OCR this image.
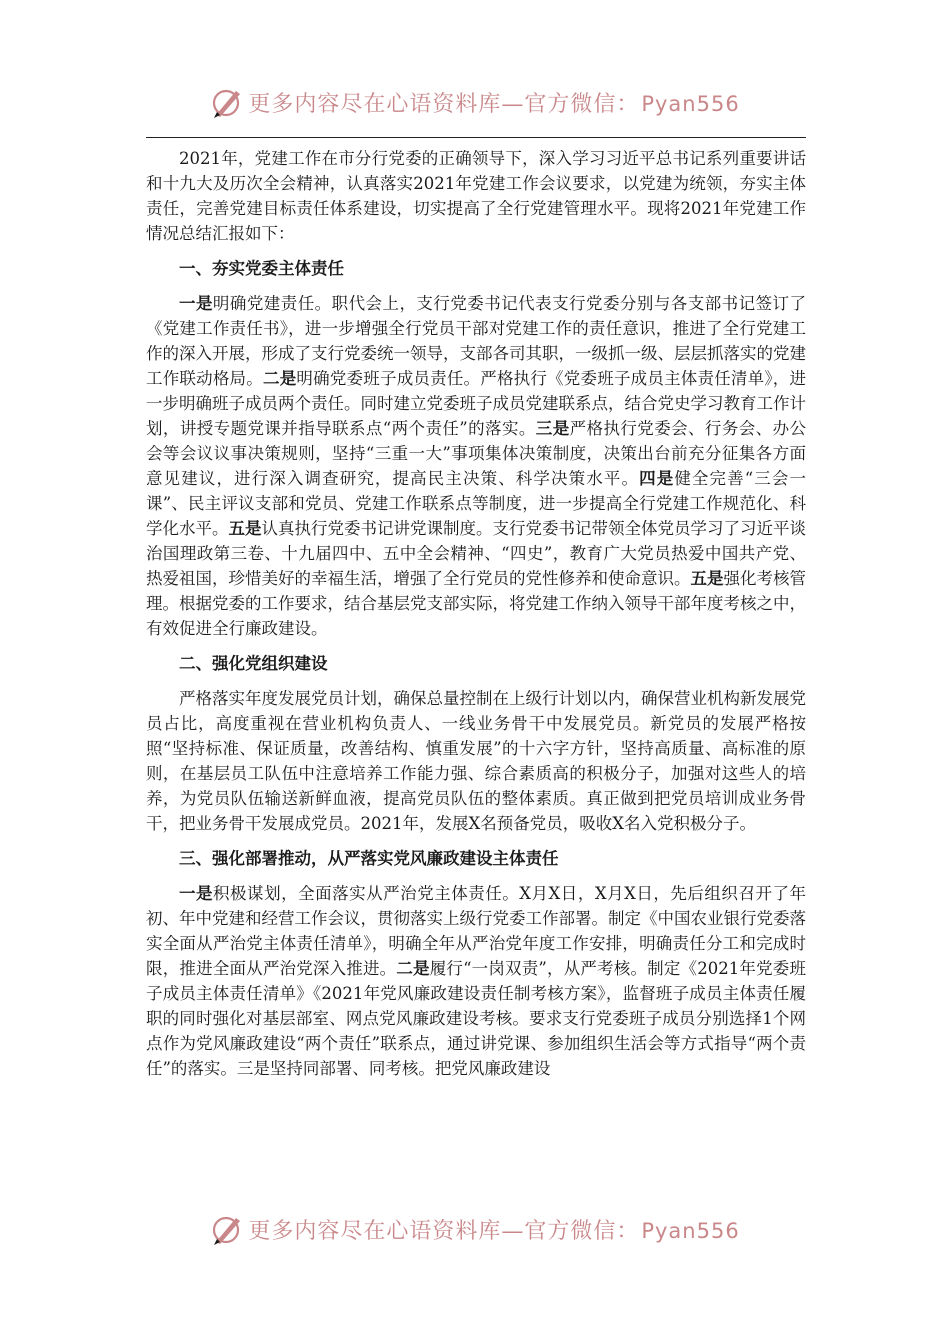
更多内容尽在心语资料库—官方微信：Pyan556

2021年，党建工作在市分行党委的正确领导下，深入学习习近平总书记系列重要讲话和十九大及历次全会精神，认真落实2021年党建工作会议要求，以党建为统领，夯实主体责任，完善党建目标责任体系建设，切实提高了全行党建管理水平。现将2021年党建工作情况总结汇报如下：

一、夯实党委主体责任

一是明确党建责任。职代会上，支行党委书记代表支行党委分别与各支部书记签订了《党建工作责任书》，进一步增强全行党员干部对党建工作的责任意识，推进了全行党建工作的深入开展，形成了支行党委统一领导，支部各司其职，一级抓一级、层层抓落实的党建工作联动格局。二是明确党委班子成员责任。严格执行《党委班子成员主体责任清单》，进一步明确班子成员两个责任。同时建立党委班子成员党建联系点，结合党史学习教育工作计划，讲授专题党课并指导联系点“两个责任”的落实。三是严格执行党委会、行务会、办公会等会议议事决策规则，坚持“三重一大”事项集体决策制度，决策出台前充分征集各方面意见建议，进行深入调查研究，提高民主决策、科学决策水平。四是健全完善“三会一课”、民主评议支部和党员、党建工作联系点等制度，进一步提高全行党建工作规范化、科学化水平。五是认真执行党委书记讲党课制度。支行党委书记带领全体党员学习了习近平谈治国理政第三卷、十九届四中、五中全会精神、“四史”，教育广大党员热爱中国共产党、热爱祖国，珍惜美好的幸福生活，增强了全行党员的党性修养和使命意识。五是强化考核管理。根据党委的工作要求，结合基层党支部实际，将党建工作纳入领导干部年度考核之中，有效促进全行廉政建设。

二、强化党组织建设

严格落实年度发展党员计划，确保总量控制在上级行计划以内，确保营业机构新发展党员占比，高度重视在营业机构负责人、一线业务骨干中发展党员。新党员的发展严格按照“坚持标准、保证质量，改善结构、慎重发展”的十六字方针，坚持高质量、高标准的原则，在基层员工队伍中注意培养工作能力强、综合素质高的积极分子，加强对这些人的培养，为党员队伍输送新鲜血液，提高党员队伍的整体素质。真正做到把党员培训成业务骨干，把业务骨干发展成党员。2021年，发展X名预备党员，吸收X名入党积极分子。

三、强化部署推动，从严落实党风廉政建设主体责任

一是积极谋划，全面落实从严治党主体责任。X月X日，X月X日，先后组织召开了年初、年中党建和经营工作会议，贯彻落实上级行党委工作部署。制定《中国农业银行党委落实全面从严治党主体责任清单》，明确全年从严治党年度工作安排，明确责任分工和完成时限，推进全面从严治党深入推进。二是履行“一岗双责”，从严考核。制定《2021年党委班子成员主体责任清单》《2021年党风廉政建设责任制考核方案》，监督班子成员主体责任履职的同时强化对基层部室、网点党风廉政建设考核。要求支行党委班子成员分别选择1个网点作为党风廉政建设“两个责任”联系点，通过讲党课、参加组织生活会等方式指导“两个责任”的落实。三是坚持同部署、同考核。把党风廉政建设

更多内容尽在心语资料库—官方微信：Pyan556
